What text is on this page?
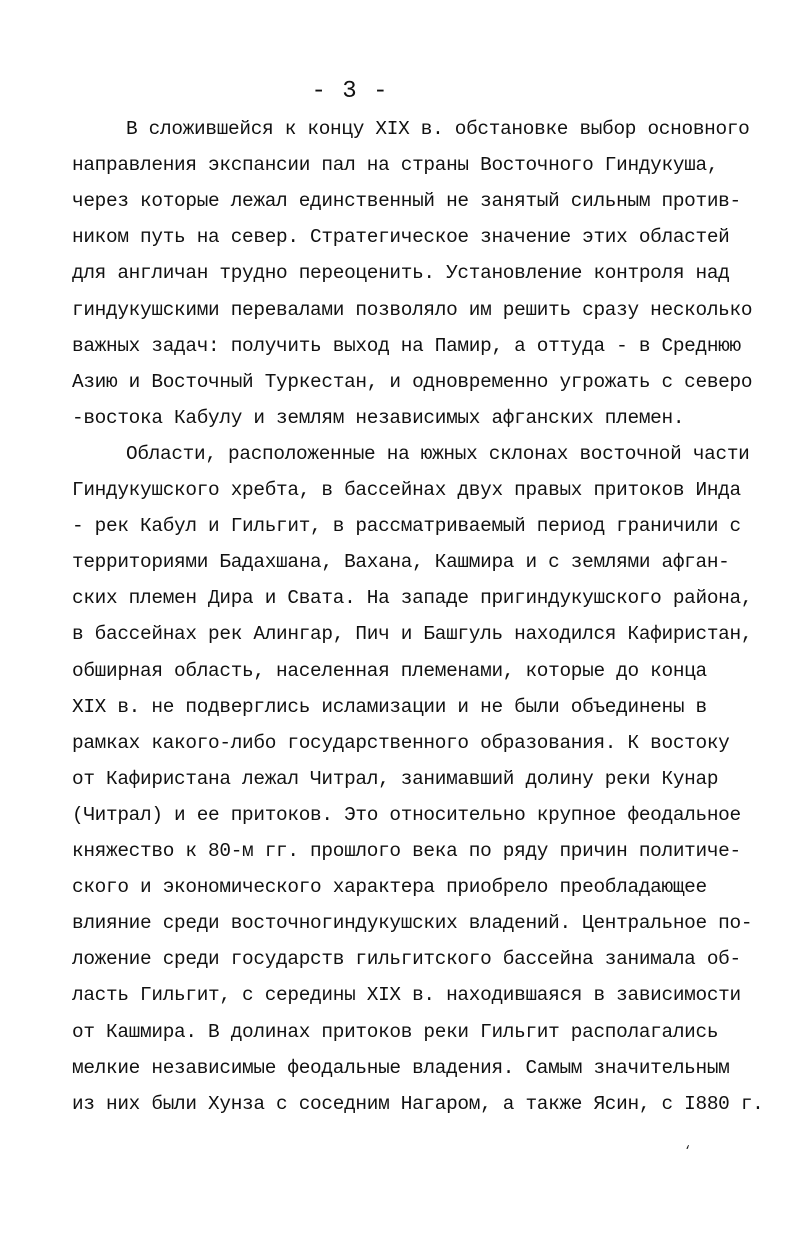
- 3 -
В сложившейся к концу XIX в. обстановке выбор основного
направления экспансии пал на страны Восточного Гиндукуша,
через которые лежал единственный не занятый сильным против-
ником путь на север. Стратегическое значение этих областей
для англичан трудно переоценить. Установление контроля над
гиндукушскими перевалами позволяло им решить сразу несколько
важных задач: получить выход на Памир, а оттуда - в Среднюю
Азию и Восточный Туркестан, и одновременно угрожать с северо
-востока Кабулу и землям независимых афганских племен.
Области, расположенные на южных склонах восточной части
Гиндукушского хребта, в бассейнах двух правых притоков Инда
- рек Кабул и Гильгит, в рассматриваемый период граничили с
территориями Бадахшана, Вахана, Кашмира и с землями афган-
ских племен Дира и Свата. На западе пригиндукушского района,
в бассейнах рек Алингар, Пич и Башгуль находился Кафиристан,
обширная область, населенная племенами, которые до конца
XIX в. не подверглись исламизации и не были объединены в
рамках какого-либо государственного образования. К востоку
от Кафиристана лежал Читрал, занимавший долину реки Кунар
(Читрал) и ее притоков. Это относительно крупное феодальное
княжество к 80-м гг. прошлого века по ряду причин политиче-
ского и экономического характера приобрело преобладающее
влияние среди восточногиндукушских владений. Центральное по-
ложение среди государств гильгитского бассейна занимала об-
ласть Гильгит, с середины XIX в. находившаяся в зависимости
от Кашмира. В долинах притоков реки Гильгит располагались
мелкие независимые феодальные владения. Самым значительным
из них были Хунза с соседним Нагаром, а также Ясин, с I880 г.
‘
